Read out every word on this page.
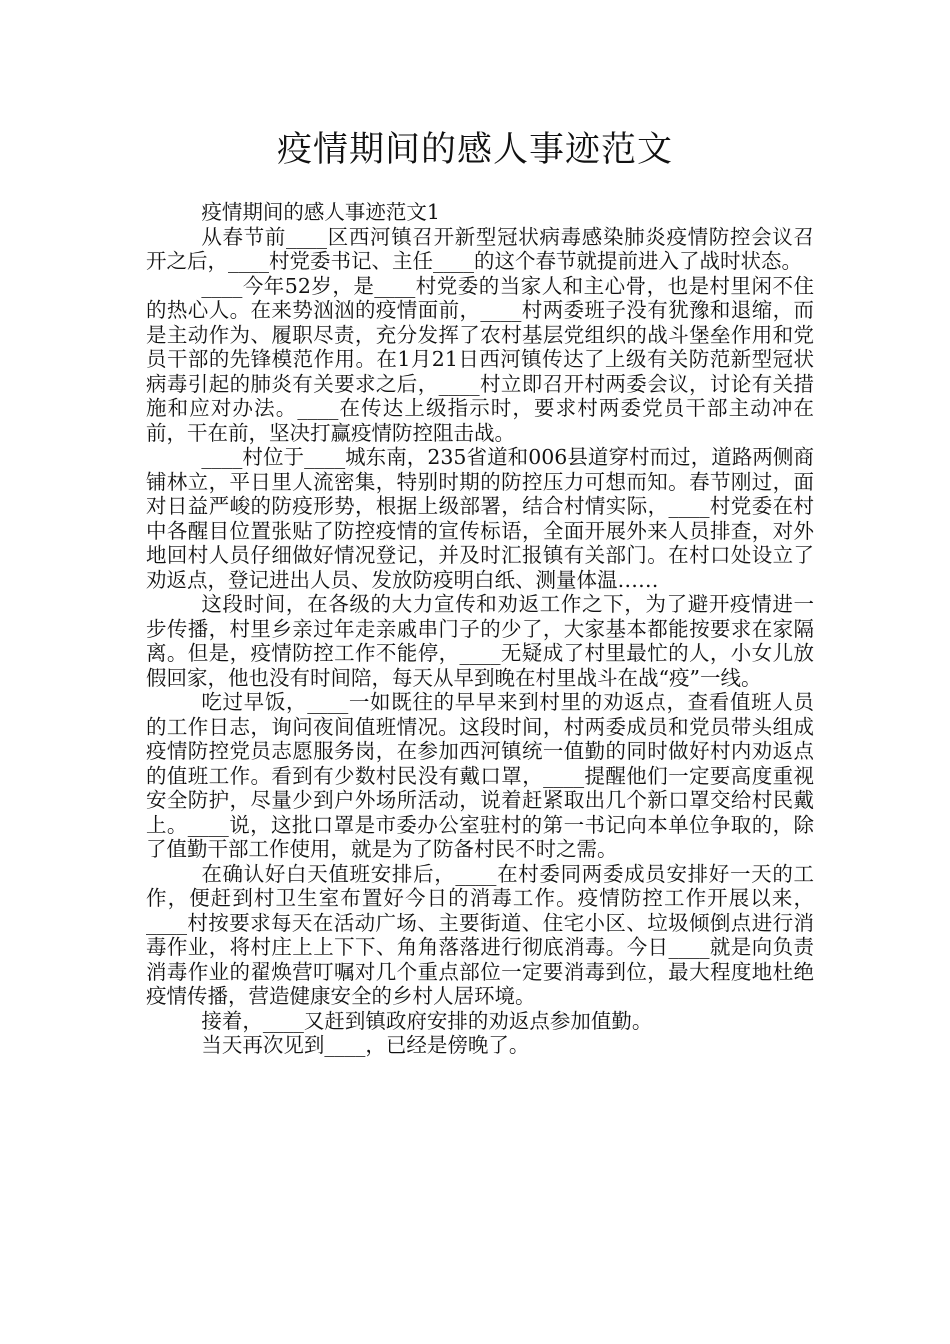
疫情期间的感人事迹范文

疫情期间的感人事迹范文1

从春节前____区西河镇召开新型冠状病毒感染肺炎疫情防控会议召开之后，____村党委书记、主任____的这个春节就提前进入了战时状态。

____今年52岁，是____村党委的当家人和主心骨，也是村里闲不住的热心人。在来势汹汹的疫情面前，____村两委班子没有犹豫和退缩，而是主动作为、履职尽责，充分发挥了农村基层党组织的战斗堡垒作用和党员干部的先锋模范作用。在1月21日西河镇传达了上级有关防范新型冠状病毒引起的肺炎有关要求之后，____村立即召开村两委会议，讨论有关措施和应对办法。____在传达上级指示时，要求村两委党员干部主动冲在前，干在前，坚决打赢疫情防控阻击战。

____村位于____城东南，235省道和006县道穿村而过，道路两侧商铺林立，平日里人流密集，特别时期的防控压力可想而知。春节刚过，面对日益严峻的防疫形势，根据上级部署，结合村情实际，____村党委在村中各醒目位置张贴了防控疫情的宣传标语，全面开展外来人员排查，对外地回村人员仔细做好情况登记，并及时汇报镇有关部门。在村口处设立了劝返点，登记进出人员、发放防疫明白纸、测量体温……

这段时间，在各级的大力宣传和劝返工作之下，为了避开疫情进一步传播，村里乡亲过年走亲戚串门子的少了，大家基本都能按要求在家隔离。但是，疫情防控工作不能停，____无疑成了村里最忙的人，小女儿放假回家，他也没有时间陪，每天从早到晚在村里战斗在战“疫”一线。

吃过早饭，____一如既往的早早来到村里的劝返点，查看值班人员的工作日志，询问夜间值班情况。这段时间，村两委成员和党员带头组成疫情防控党员志愿服务岗，在参加西河镇统一值勤的同时做好村内劝返点的值班工作。看到有少数村民没有戴口罩，____提醒他们一定要高度重视安全防护，尽量少到户外场所活动，说着赶紧取出几个新口罩交给村民戴上。____说，这批口罩是市委办公室驻村的第一书记向本单位争取的，除了值勤干部工作使用，就是为了防备村民不时之需。

在确认好白天值班安排后，____在村委同两委成员安排好一天的工作，便赶到村卫生室布置好今日的消毒工作。疫情防控工作开展以来，____村按要求每天在活动广场、主要街道、住宅小区、垃圾倾倒点进行消毒作业，将村庄上上下下、角角落落进行彻底消毒。今日____就是向负责消毒作业的翟焕营叮嘱对几个重点部位一定要消毒到位，最大程度地杜绝疫情传播，营造健康安全的乡村人居环境。

接着，____又赶到镇政府安排的劝返点参加值勤。

当天再次见到____，已经是傍晚了。
